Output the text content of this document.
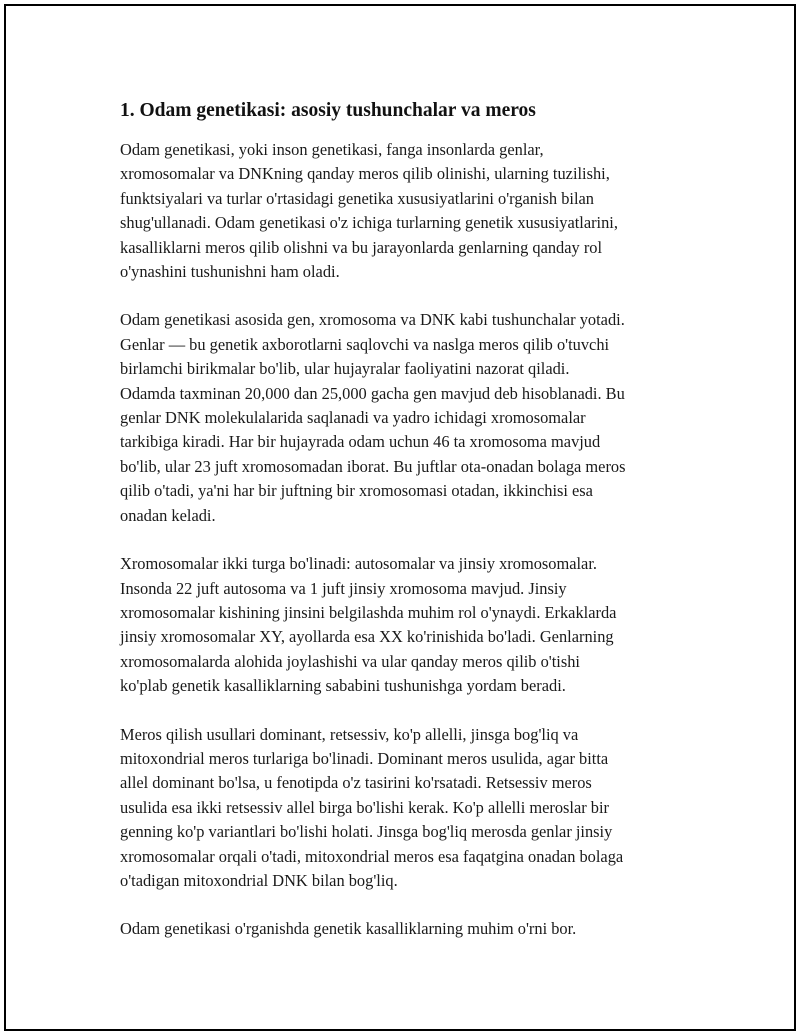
1. Odam genetikasi: asosiy tushunchalar va meros

Odam genetikasi, yoki inson genetikasi, fanga insonlarda genlar,
xromosomalar va DNKning qanday meros qilib olinishi, ularning tuzilishi,
funktsiyalari va turlar o'rtasidagi genetika xususiyatlarini o'rganish bilan
shug'ullanadi. Odam genetikasi o'z ichiga turlarning genetik xususiyatlarini,
kasalliklarni meros qilib olishni va bu jarayonlarda genlarning qanday rol
o'ynashini tushunishni ham oladi.

Odam genetikasi asosida gen, xromosoma va DNK kabi tushunchalar yotadi.
Genlar — bu genetik axborotlarni saqlovchi va naslga meros qilib o'tuvchi
birlamchi birikmalar bo'lib, ular hujayralar faoliyatini nazorat qiladi.
Odamda taxminan 20,000 dan 25,000 gacha gen mavjud deb hisoblanadi. Bu
genlar DNK molekulalarida saqlanadi va yadro ichidagi xromosomalar
tarkibiga kiradi. Har bir hujayrada odam uchun 46 ta xromosoma mavjud
bo'lib, ular 23 juft xromosomadan iborat. Bu juftlar ota-onadan bolaga meros
qilib o'tadi, ya'ni har bir juftning bir xromosomasi otadan, ikkinchisi esa
onadan keladi.

Xromosomalar ikki turga bo'linadi: autosomalar va jinsiy xromosomalar.
Insonda 22 juft autosoma va 1 juft jinsiy xromosoma mavjud. Jinsiy
xromosomalar kishining jinsini belgilashda muhim rol o'ynaydi. Erkaklarda
jinsiy xromosomalar XY, ayollarda esa XX ko'rinishida bo'ladi. Genlarning
xromosomalarda alohida joylashishi va ular qanday meros qilib o'tishi
ko'plab genetik kasalliklarning sababini tushunishga yordam beradi.

Meros qilish usullari dominant, retsessiv, ko'p allelli, jinsga bog'liq va
mitoxondrial meros turlariga bo'linadi. Dominant meros usulida, agar bitta
allel dominant bo'lsa, u fenotipda o'z tasirini ko'rsatadi. Retsessiv meros
usulida esa ikki retsessiv allel birga bo'lishi kerak. Ko'p allelli meroslar bir
genning ko'p variantlari bo'lishi holati. Jinsga bog'liq merosda genlar jinsiy
xromosomalar orqali o'tadi, mitoxondrial meros esa faqatgina onadan bolaga
o'tadigan mitoxondrial DNK bilan bog'liq.

Odam genetikasi o'rganishda genetik kasalliklarning muhim o'rni bor.
